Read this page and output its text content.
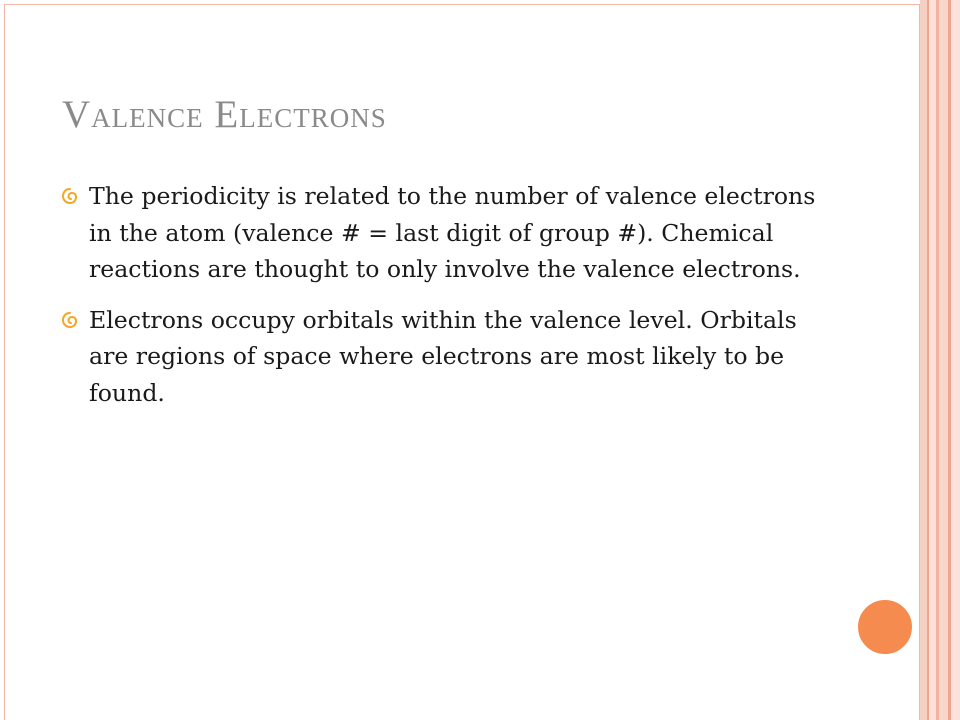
Valence Electrons
The periodicity is related to the number of valence electrons in the atom (valence # = last digit of group #). Chemical reactions are thought to only involve the valence electrons.
Electrons occupy orbitals within the valence level. Orbitals are regions of space where electrons are most likely to be found.
